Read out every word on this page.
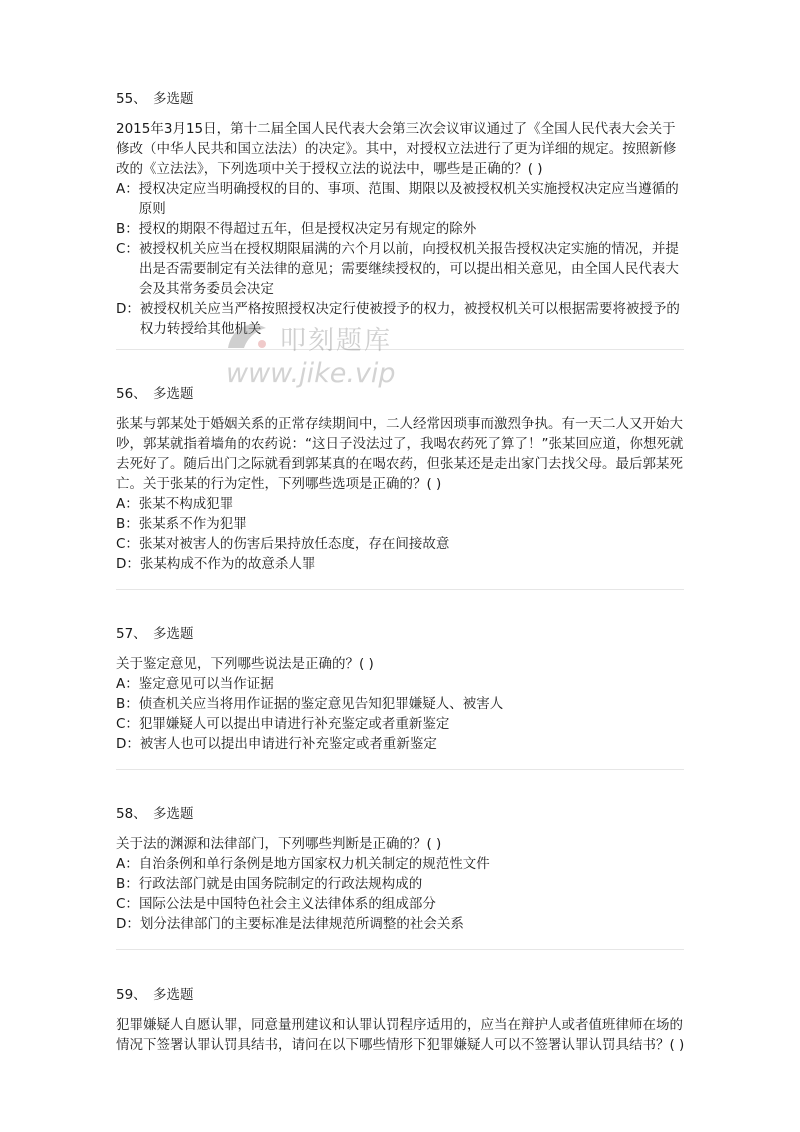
55、 多选题

2015年3月15日，第十二届全国人民代表大会第三次会议审议通过了《全国人民代表大会关于修改（中华人民共和国立法法）的决定》。其中，对授权立法进行了更为详细的规定。按照新修改的《立法法》，下列选项中关于授权立法的说法中，哪些是正确的？( )

A： 授权决定应当明确授权的目的、事项、范围、期限以及被授权机关实施授权决定应当遵循的原则
B： 授权的期限不得超过五年，但是授权决定另有规定的除外
C： 被授权机关应当在授权期限届满的六个月以前，向授权机关报告授权决定实施的情况，并提出是否需要制定有关法律的意见；需要继续授权的，可以提出相关意见，由全国人民代表大会及其常务委员会决定
D： 被授权机关应当严格按照授权决定行使被授予的权力，被授权机关可以根据需要将被授予的权力转授给其他机关
56、 多选题

张某与郭某处于婚姻关系的正常存续期间中，二人经常因琐事而激烈争执。有一天二人又开始大吵，郭某就指着墙角的农药说：“这日子没法过了，我喝农药死了算了！”张某回应道，你想死就去死好了。随后出门之际就看到郭某真的在喝农药，但张某还是走出家门去找父母。最后郭某死亡。关于张某的行为定性，下列哪些选项是正确的？( )

A： 张某不构成犯罪
B： 张某系不作为犯罪
C： 张某对被害人的伤害后果持放任态度，存在间接故意
D： 张某构成不作为的故意杀人罪
57、 多选题

关于鉴定意见，下列哪些说法是正确的？( )

A： 鉴定意见可以当作证据
B： 侦查机关应当将用作证据的鉴定意见告知犯罪嫌疑人、被害人
C： 犯罪嫌疑人可以提出申请进行补充鉴定或者重新鉴定
D： 被害人也可以提出申请进行补充鉴定或者重新鉴定
58、 多选题

关于法的渊源和法律部门，下列哪些判断是正确的？( )

A： 自治条例和单行条例是地方国家权力机关制定的规范性文件
B： 行政法部门就是由国务院制定的行政法规构成的
C： 国际公法是中国特色社会主义法律体系的组成部分
D： 划分法律部门的主要标准是法律规范所调整的社会关系
59、 多选题

犯罪嫌疑人自愿认罪，同意量刑建议和认罪认罚程序适用的，应当在辩护人或者值班律师在场的情况下签署认罪认罚具结书，请问在以下哪些情形下犯罪嫌疑人可以不签署认罪认罚具结书？( )

叩刻题库
www.jike.vip
